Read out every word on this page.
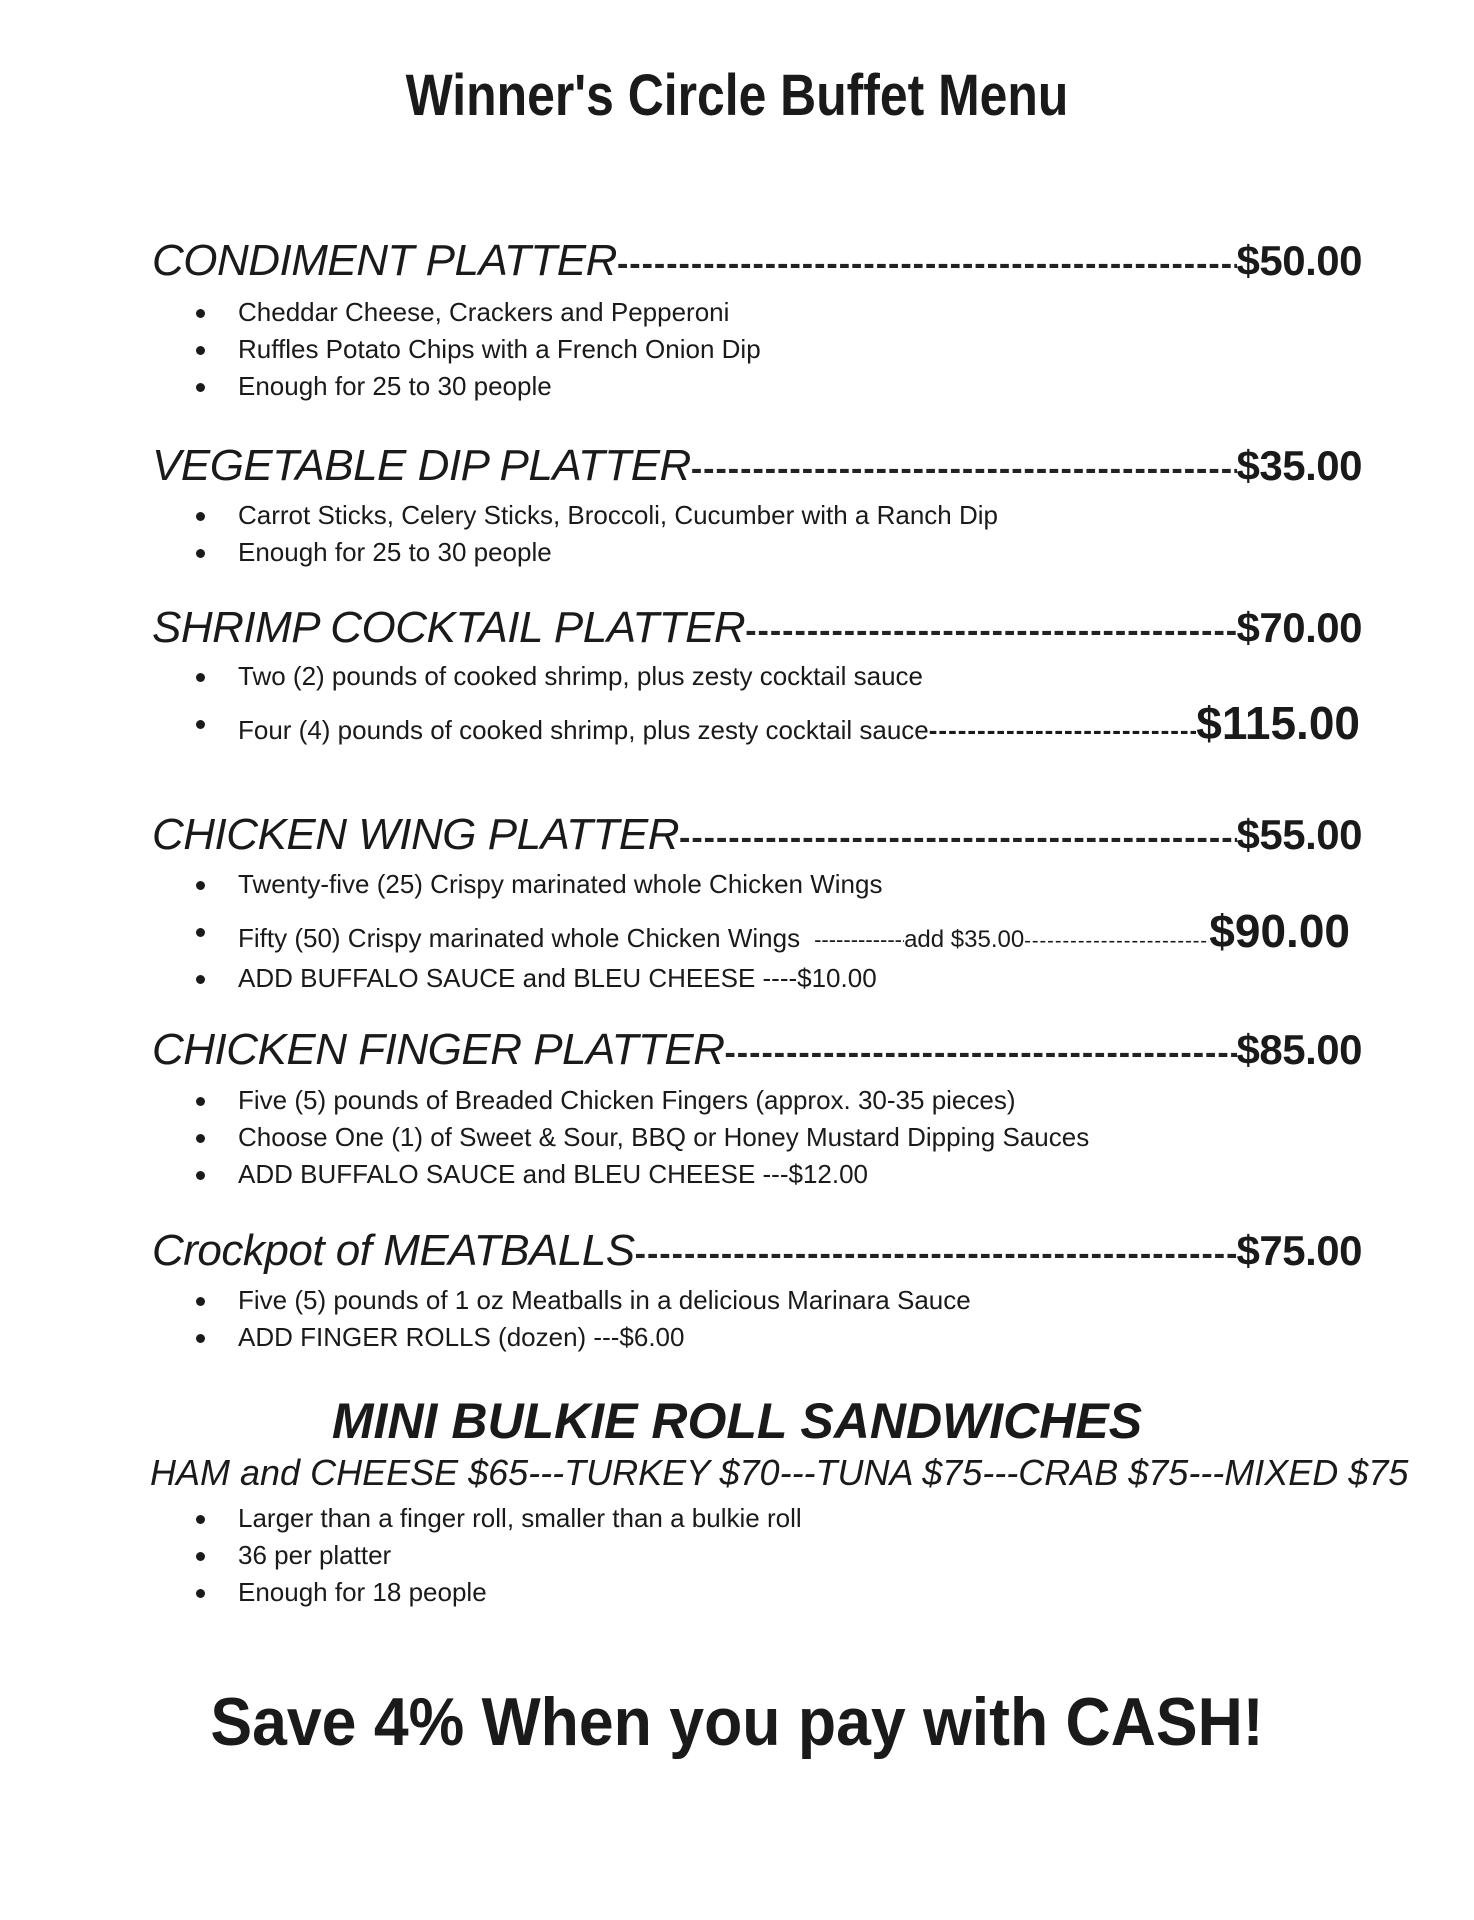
Winner's Circle Buffet Menu
CONDIMENT PLATTER -----	$50.00
Cheddar Cheese, Crackers and Pepperoni
Ruffles Potato Chips with a French Onion Dip
Enough for 25 to 30 people
VEGETABLE DIP PLATTER -----	$35.00
Carrot Sticks, Celery Sticks, Broccoli, Cucumber with a Ranch Dip
Enough for 25 to 30 people
SHRIMP COCKTAIL PLATTER -----	$70.00
Two (2) pounds of cooked shrimp, plus zesty cocktail sauce
Four (4) pounds of cooked shrimp, plus zesty cocktail sauce -----	$115.00
CHICKEN WING PLATTER -----	$55.00
Twenty-five (25) Crispy marinated whole Chicken Wings
Fifty (50) Crispy marinated whole Chicken Wings -----	add $35.00 -----	$90.00
ADD BUFFALO SAUCE and BLEU CHEESE ----$10.00
CHICKEN FINGER PLATTER -----	$85.00
Five (5) pounds of Breaded Chicken Fingers (approx. 30-35 pieces)
Choose One (1) of Sweet & Sour, BBQ or Honey Mustard Dipping Sauces
ADD BUFFALO SAUCE and BLEU CHEESE ---$12.00
Crockpot of MEATBALLS -----	$75.00
Five (5) pounds of 1 oz Meatballs in a delicious Marinara Sauce
ADD FINGER ROLLS (dozen) ---$6.00
MINI BULKIE ROLL SANDWICHES
HAM and CHEESE $65---TURKEY $70---TUNA $75---CRAB $75---MIXED $75
Larger than a finger roll, smaller than a bulkie roll
36 per platter
Enough for 18 people
Save 4% When you pay with CASH!
